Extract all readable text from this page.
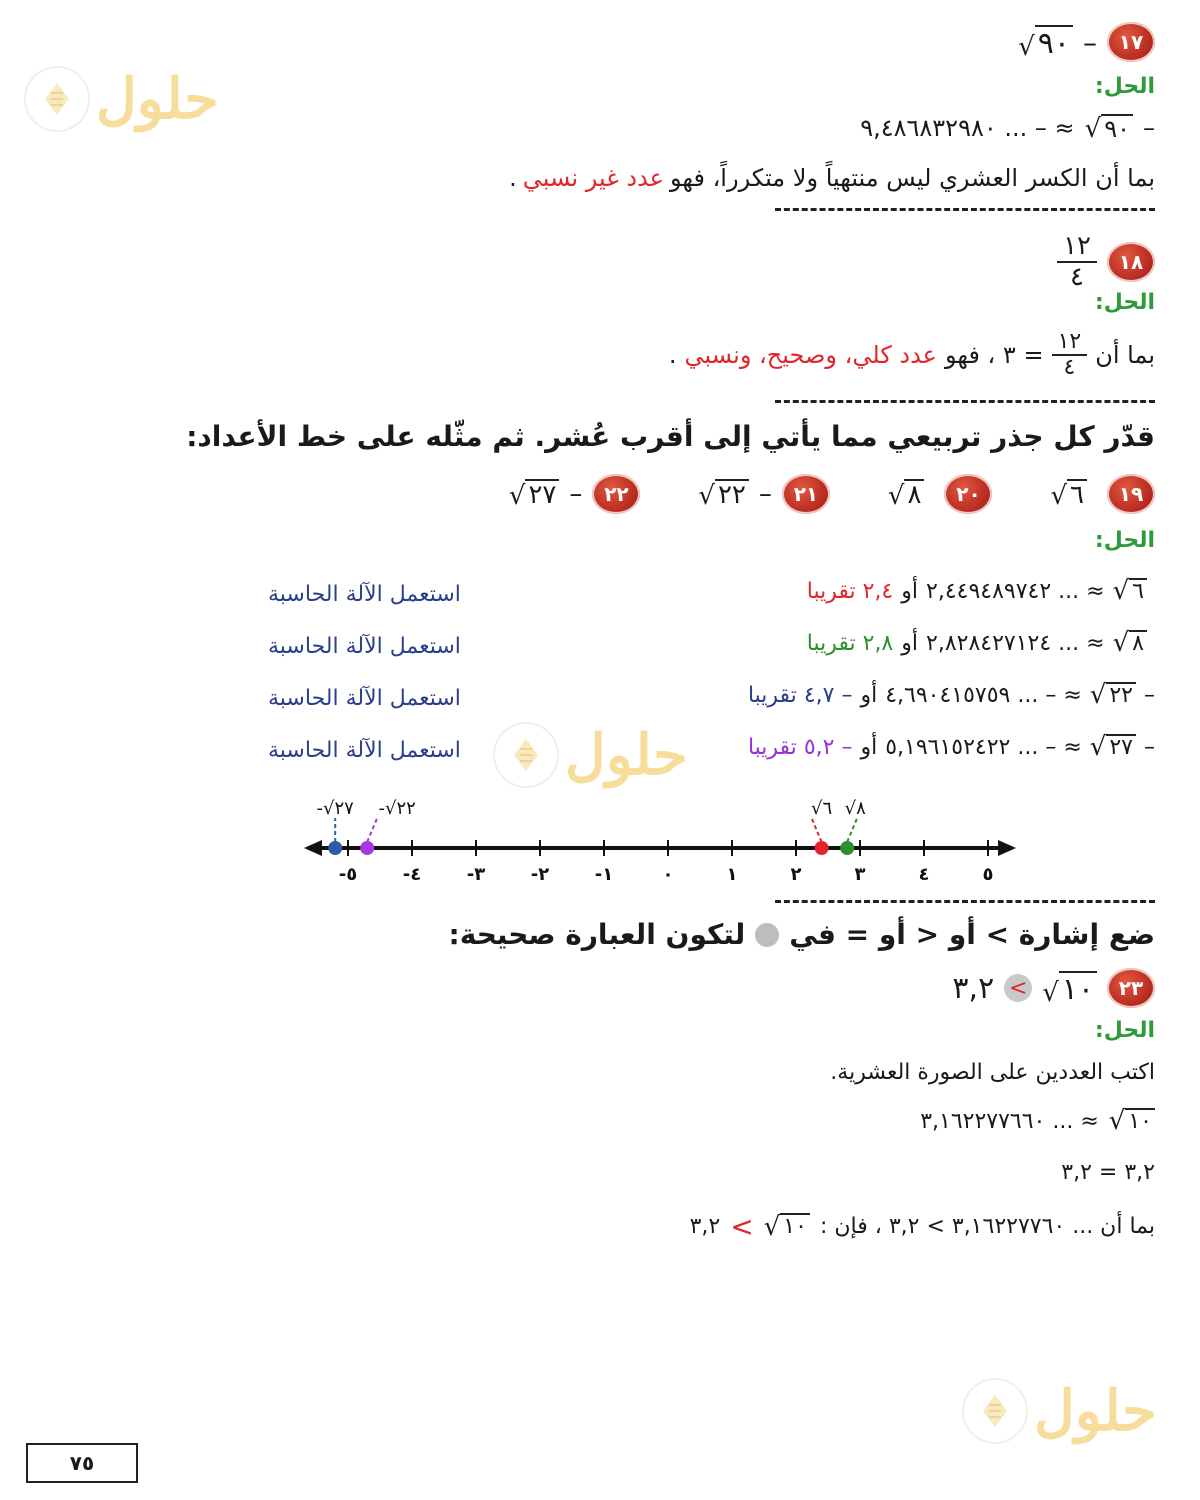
حلول
حلول
حلول
١٧
–
√ ٩٠
الحل:
–
√ ٩٠
≈ – ... ٩,٤٨٦٨٣٢٩٨٠
بما أن الكسر العشري ليس منتهياً ولا متكرراً، فهو
عدد غير نسبي
.
١٨
$\frac{١٢}{٤}$
الحل:
بما أن
$\frac{١٢}{٤}$
= ٣ ، فهو
عدد كلي، وصحيح، ونسبي
.
قدّر كل جذر تربيعي مما يأتي إلى أقرب عُشر. ثم مثّله على خط الأعداد:
١٩
√ ٦
٢٠
√ ٨
٢١
–
√ ٢٢
٢٢
–
√ ٢٧
الحل:
√ ٦
≈ ... ٢,٤٤٩٤٨٩٧٤٢
أو
٢,٤ تقريبا
استعمل الآلة الحاسبة
√ ٨
≈ ... ٢,٨٢٨٤٢٧١٢٤
أو
٢,٨ تقريبا
استعمل الآلة الحاسبة
–
√ ٢٢
≈ – ... ٤,٦٩٠٤١٥٧٥٩
أو
– ٤,٧ تقريبا
استعمل الآلة الحاسبة
–
√ ٢٧
≈ – ... ٥,١٩٦١٥٢٤٢٢
أو
– ٥,٢ تقريبا
استعمل الآلة الحاسبة
٥-	٤-	٣-	٢-	١-	٠	١	٢	٣	٤	٥
-√٢٧ -√٢٢	√٦ √٨
ضع إشارة > أو < أو = في
لتكون العبارة صحيحة:
٢٣
√ ١٠
>
٣,٢
الحل:
اكتب العددين على الصورة العشرية.
√ ١٠
≈ ... ٣,١٦٢٢٧٧٦٦٠
٣,٢ = ٣,٢
بما أن ... ٣,١٦٢٢٧٧٦٠ > ٣,٢ ، فإن :
√ ١٠
>
٣,٢
٧٥
